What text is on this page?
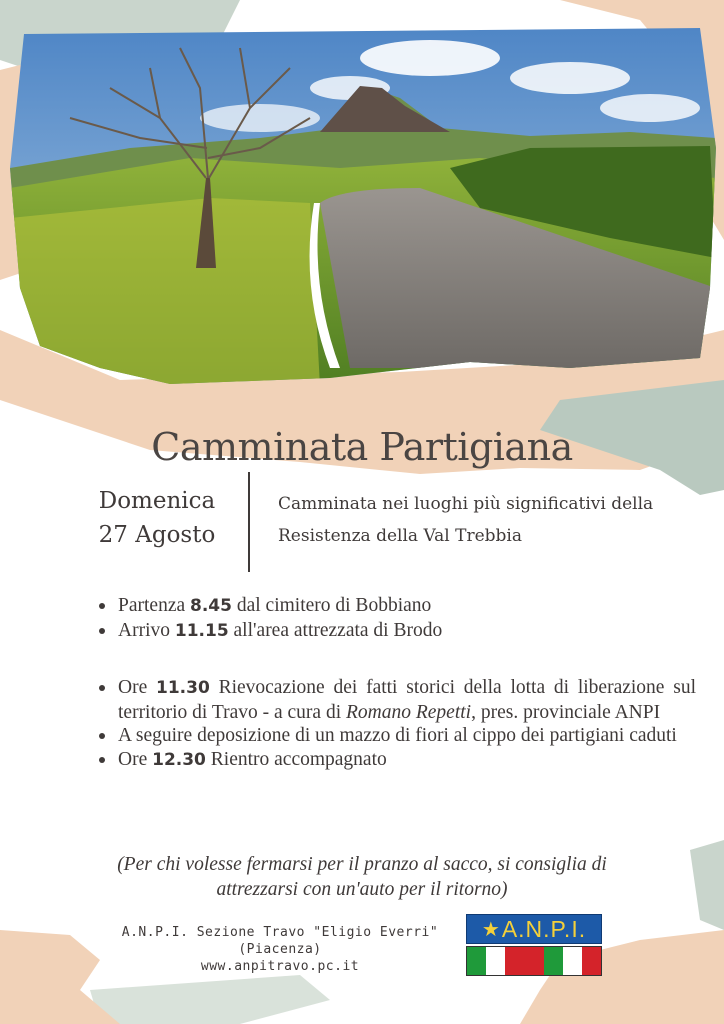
Camminata Partigiana
Domenica
27 Agosto
Camminata nei luoghi più significativi della
Resistenza della Val Trebbia
Partenza 8.45 dal cimitero di Bobbiano
Arrivo 11.15 all'area attrezzata di Brodo
Ore 11.30 Rievocazione dei fatti storici della lotta di liberazione sul territorio di Travo - a cura di Romano Repetti, pres. provinciale ANPI
A seguire deposizione di un mazzo di fiori al cippo dei partigiani caduti
Ore 12.30 Rientro accompagnato
(Per chi volesse fermarsi per il pranzo al sacco, si consiglia di
attrezzarsi con un'auto per il ritorno)
A.N.P.I. Sezione Travo "Eligio Everri"
(Piacenza)
www.anpitravo.pc.it
★ A.N.P.I.
